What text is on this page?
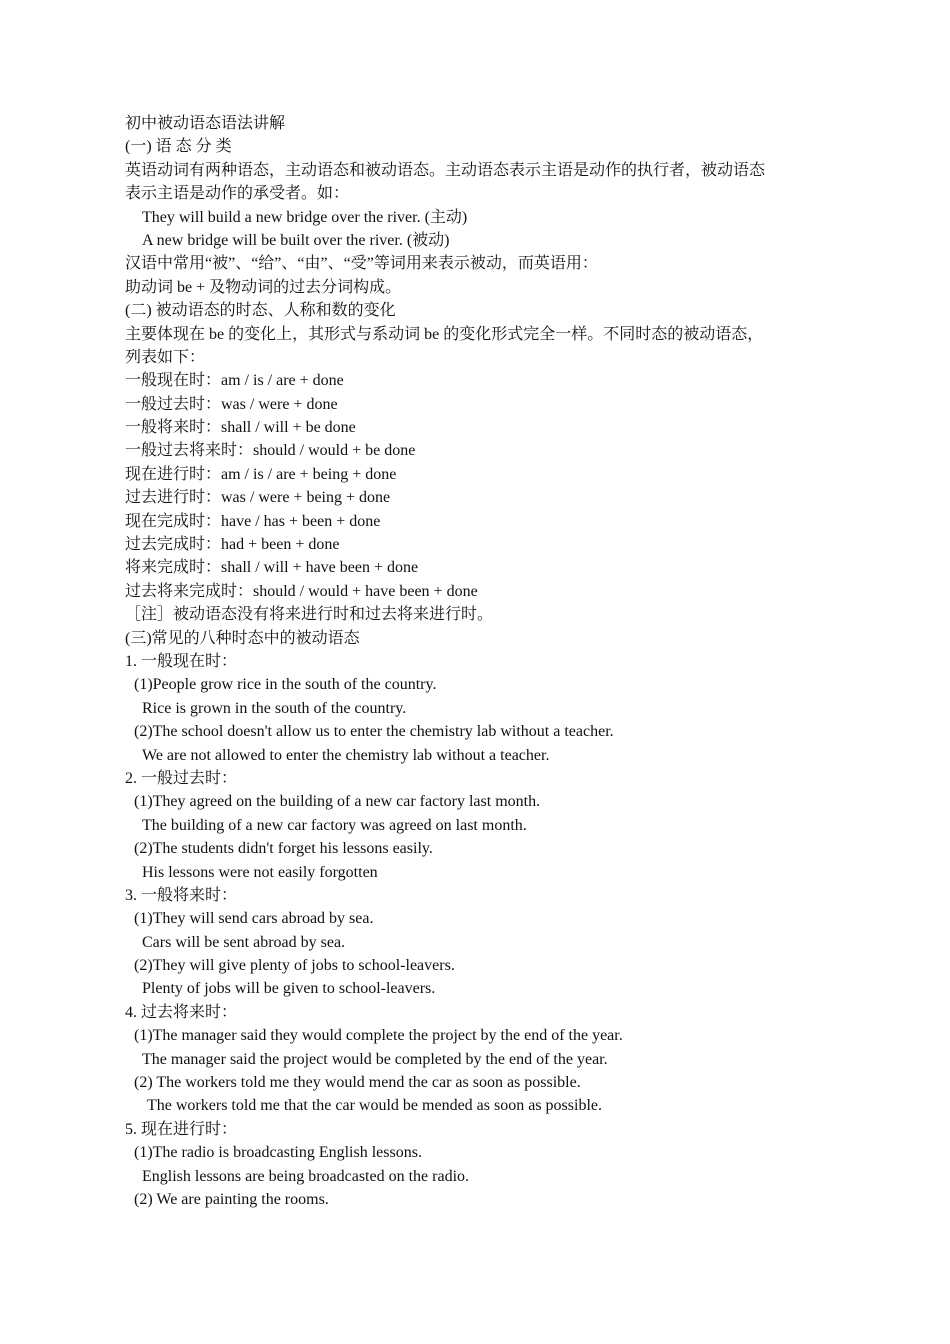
初中被动语态语法讲解
(一) 语 态 分 类
英语动词有两种语态，主动语态和被动语态。主动语态表示主语是动作的执行者，被动语态
表示主语是动作的承受者。如：
They will build a new bridge over the river. (主动)
A new bridge will be built over the river. (被动)
汉语中常用“被”、“给”、“由”、“受”等词用来表示被动，而英语用：
助动词 be + 及物动词的过去分词构成。
(二) 被动语态的时态、人称和数的变化
主要体现在 be 的变化上，其形式与系动词 be 的变化形式完全一样。不同时态的被动语态，
列表如下：
一般现在时：am / is / are + done
一般过去时：was / were + done
一般将来时：shall / will + be done
一般过去将来时：should / would + be done
现在进行时：am / is / are + being + done
过去进行时：was / were + being + done
现在完成时：have / has + been + done
过去完成时：had + been + done
将来完成时：shall / will + have been + done
过去将来完成时：should / would + have been + done
［注］被动语态没有将来进行时和过去将来进行时。
(三)常见的八种时态中的被动语态
1. 一般现在时：
(1)People grow rice in the south of the country.
Rice is grown in the south of the country.
(2)The school doesn't allow us to enter the chemistry lab without a teacher.
We are not allowed to enter the chemistry lab without a teacher.
2. 一般过去时：
(1)They agreed on the building of a new car factory last month.
The building of a new car factory was agreed on last month.
(2)The students didn't forget his lessons easily.
His lessons were not easily forgotten
3. 一般将来时：
(1)They will send cars abroad by sea.
Cars will be sent abroad by sea.
(2)They will give plenty of jobs to school-leavers.
Plenty of jobs will be given to school-leavers.
4. 过去将来时：
(1)The manager said they would complete the project by the end of the year.
The manager said the project would be completed by the end of the year.
(2) The workers told me they would mend the car as soon as possible.
The workers told me that the car would be mended as soon as possible.
5. 现在进行时：
(1)The radio is broadcasting English lessons.
English lessons are being broadcasted on the radio.
(2) We are painting the rooms.
